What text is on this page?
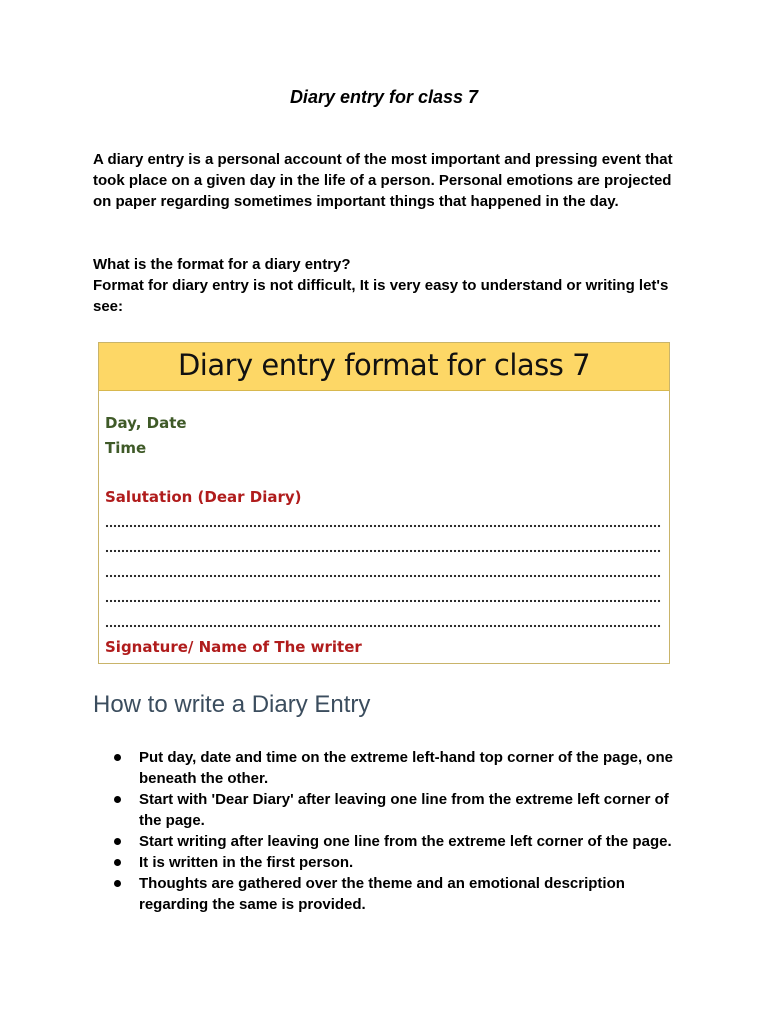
Diary entry for class 7

A diary entry is a personal account of the most important and pressing event that took place on a given day in the life of a person. Personal emotions are projected on paper regarding sometimes important things that happened in the day.

What is the format for a diary entry?

Format for diary entry is not difficult, It is very easy to understand or writing let's see:

Diary entry format for class 7
Day, Date
Time
Salutation (Dear Diary)
Signature/ Name of The writer
How to write a Diary Entry
Put day, date and time on the extreme left-hand top corner of the page, one beneath the other.
Start with 'Dear Diary' after leaving one line from the extreme left corner of the page.
Start writing after leaving one line from the extreme left corner of the page.
It is written in the first person.
Thoughts are gathered over the theme and an emotional description regarding the same is provided.
